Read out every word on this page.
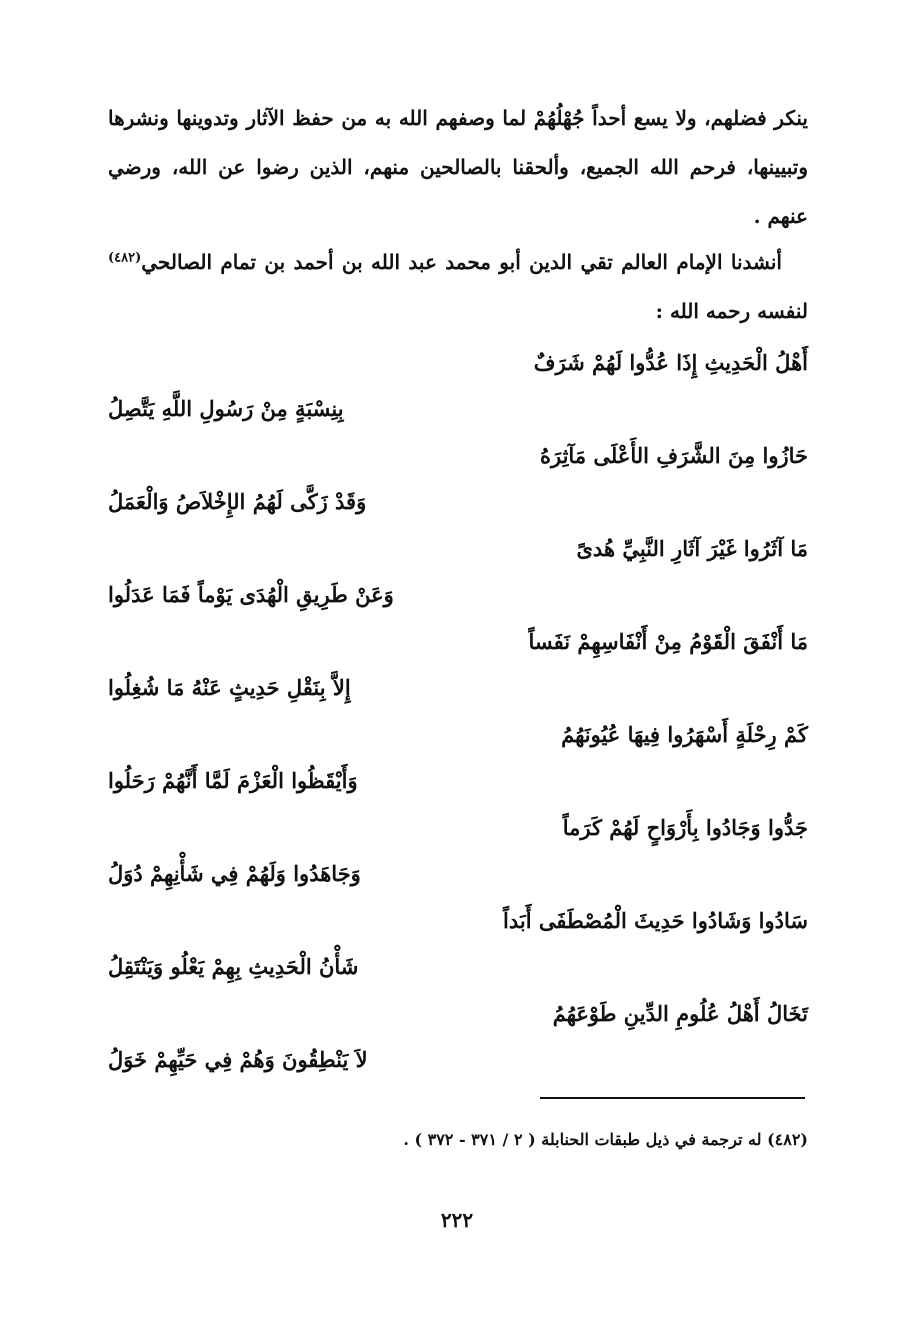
ينكر فضلهم، ولا يسع أحداً جُهْلُهُمْ لما وصفهم الله به من حفظ الآثار وتدوينها ونشرها وتبيينها، فرحم الله الجميع، وألحقنا بالصالحين منهم، الذين رضوا عن الله، ورضي عنهم .

أنشدنا الإمام العالم تقي الدين أبو محمد عبد الله بن أحمد بن تمام الصالحي$^{(٤٨٢)}$ لنفسه رحمه الله :

أَهْلُ الْحَدِيثِ إِذَا عُدُّوا لَهُمْ شَرَفٌ
بِنِسْبَةٍ مِنْ رَسُولِ اللَّهِ يَتَّصِلُ
حَازُوا مِنَ الشَّرَفِ الأَعْلَى مَآثِرَهُ
وَقَدْ زَكَّى لَهُمُ الإِخْلاَصُ وَالْعَمَلُ
مَا آثَرُوا غَيْرَ آثَارِ النَّبِيِّ هُدىً
وَعَنْ طَرِيقِ الْهُدَى يَوْماً فَمَا عَدَلُوا
مَا أَنْفَقَ الْقَوْمُ مِنْ أَنْفَاسِهِمْ نَفَساً
إِلاَّ بِنَقْلِ حَدِيثٍ عَنْهُ مَا شُغِلُوا
كَمْ رِحْلَةٍ أَسْهَرُوا فِيهَا عُيُونَهُمُ
وَأَيْقَظُوا الْعَزْمَ لَمَّا أَنَّهُمْ رَحَلُوا
جَدُّوا وَجَادُوا بِأَرْوَاحٍ لَهُمْ كَرَماً
وَجَاهَدُوا وَلَهُمْ فِي شَأْنِهِمْ دُوَلُ
سَادُوا وَشَادُوا حَدِيثَ الْمُصْطَفَى أَبَداً
شَأْنُ الْحَدِيثِ بِهِمْ يَعْلُو وَيَنْتَقِلُ
تَخَالُ أَهْلُ عُلُومِ الدِّينِ طَوْعَهُمُ
لاَ يَنْطِقُونَ وَهُمْ فِي حَيِّهِمْ خَوَلُ
(٤٨٢) له ترجمة في ذيل طبقات الحنابلة ( ٢ / ٣٧١ - ٣٧٢ ) .
٢٢٢
